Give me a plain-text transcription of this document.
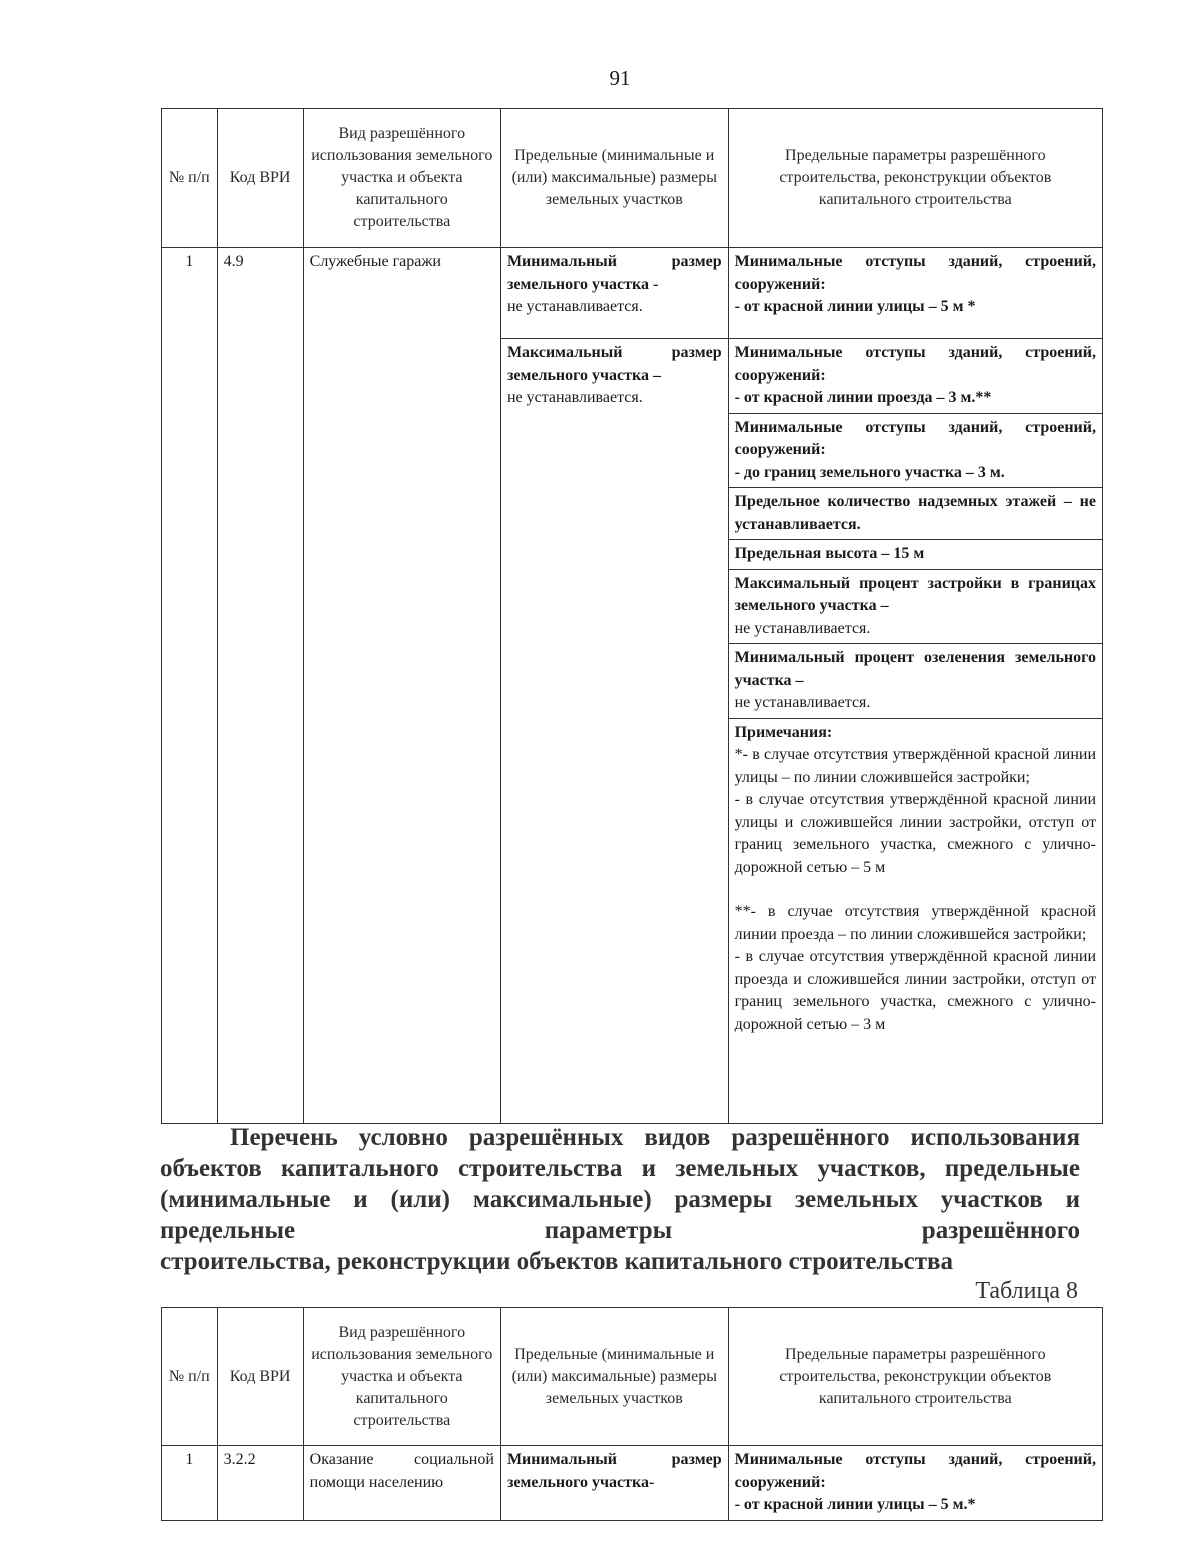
91
№ п/п	Код ВРИ	Вид разрешённого использования земельного участка и объекта капитального строительства	Предельные (минимальные и (или) максимальные) размеры земельных участков	Предельные параметры разрешённого строительства, реконструкции объектов капитального строительства
1	4.9	Служебные гаражи	Минимальный размер земельного участка -
не устанавливается.	Минимальные отступы зданий, строений, сооружений:
- от красной линии улицы – 5 м *

			Максимальный размер земельного участка –
не устанавливается.	Минимальные отступы зданий, строений, сооружений:
- от красной линии проезда – 3 м.**

				Минимальные отступы зданий, строений, сооружений:
- до границ земельного участка – 3 м.

				Предельное количество надземных этажей – не устанавливается.
				Предельная высота – 15 м

				Максимальный процент застройки в границах земельного участка –
не устанавливается.

				Минимальный процент озеленения земельного участка –
не устанавливается.

				Примечания:
*- в случае отсутствия утверждённой красной линии улицы – по линии сложившейся застройки;
- в случае отсутствия утверждённой красной линии улицы и сложившейся линии застройки, отступ от границ земельного участка, смежного с улично-дорожной сетью – 5 м
**- в случае отсутствия утверждённой красной линии проезда – по линии сложившейся застройки;
- в случае отсутствия утверждённой красной линии проезда и сложившейся линии застройки, отступ от границ земельного участка, смежного с улично-дорожной сетью – 3 м
Перечень условно разрешённых видов разрешённого использования объектов капитального строительства и земельных участков, предельные (минимальные и (или) максимальные) размеры земельных участков и предельные параметры разрешённого
строительства, реконструкции объектов капитального строительства
Таблица 8
№ п/п	Код ВРИ	Вид разрешённого использования земельного участка и объекта капитального строительства	Предельные (минимальные и (или) максимальные) размеры земельных участков	Предельные параметры разрешённого строительства, реконструкции объектов капитального строительства
1	3.2.2	Оказание социальной помощи населению	Минимальный размер земельного участка-	Минимальные отступы зданий, строений, сооружений:
- от красной линии улицы – 5 м.*
